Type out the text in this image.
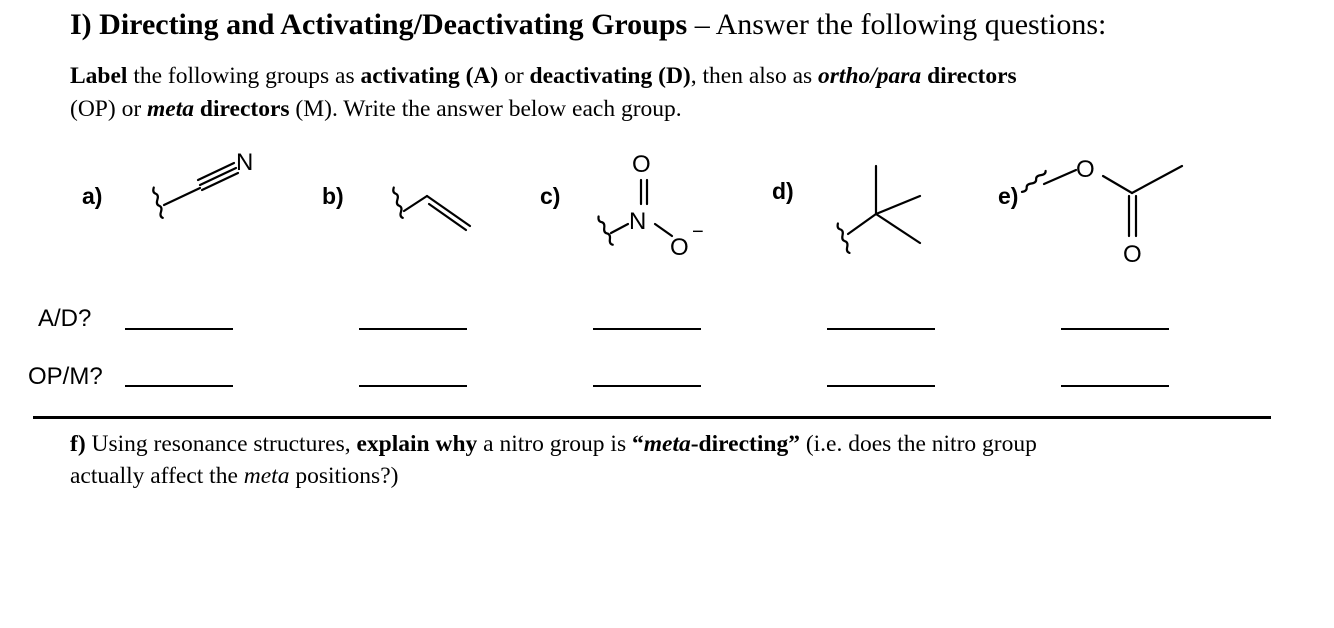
I) Directing and Activating/Deactivating Groups – Answer the following questions:
Label the following groups as activating (A) or deactivating (D), then also as ortho/para directors
(OP) or meta directors (M). Write the answer below each group.
a)	b)	c)	d)	e)
N	O
N
O
−
O
O
A/D?
OP/M?
f) Using resonance structures, explain why a nitro group is “meta-directing” (i.e. does the nitro group
actually affect the meta positions?)
